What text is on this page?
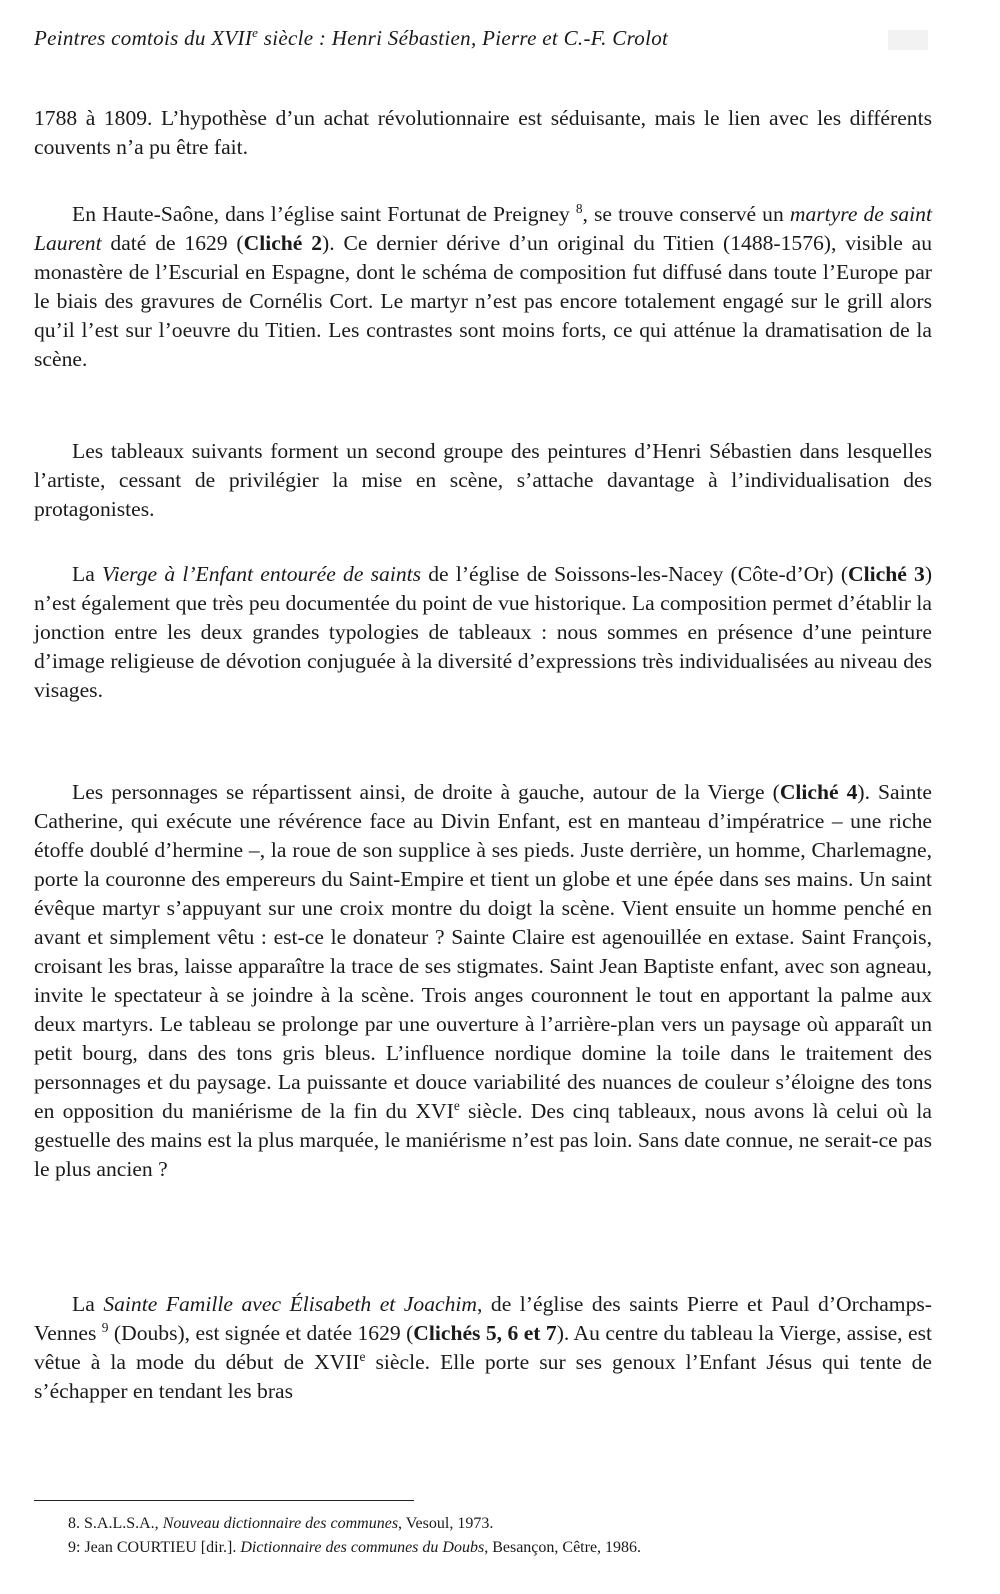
Peintres comtois du XVIIe siècle : Henri Sébastien, Pierre et C.-F. Crolot

1788 à 1809. L’hypothèse d’un achat révolutionnaire est séduisante, mais le lien avec les différents couvents n’a pu être fait.

En Haute-Saône, dans l’église saint Fortunat de Preigney $^8$, se trouve conservé un martyre de saint Laurent daté de 1629 (Cliché 2). Ce dernier dérive d’un original du Titien (1488-1576), visible au monastère de l’Escurial en Espagne, dont le schéma de composition fut diffusé dans toute l’Europe par le biais des gravures de Cornélis Cort. Le martyr n’est pas encore totalement engagé sur le grill alors qu’il l’est sur l’oeuvre du Titien. Les contrastes sont moins forts, ce qui atténue la dramatisation de la scène.

Les tableaux suivants forment un second groupe des peintures d’Henri Sébastien dans lesquelles l’artiste, cessant de privilégier la mise en scène, s’attache davantage à l’individualisation des protagonistes.

La Vierge à l’Enfant entourée de saints de l’église de Soissons-les-Nacey (Côte-d’Or) (Cliché 3) n’est également que très peu documentée du point de vue historique. La composition permet d’établir la jonction entre les deux grandes typologies de tableaux : nous sommes en présence d’une peinture d’image religieuse de dévotion conjuguée à la diversité d’expressions très individualisées au niveau des visages.

Les personnages se répartissent ainsi, de droite à gauche, autour de la Vierge (Cliché 4). Sainte Catherine, qui exécute une révérence face au Divin Enfant, est en manteau d’impératrice – une riche étoffe doublé d’hermine –, la roue de son supplice à ses pieds. Juste derrière, un homme, Charlemagne, porte la couronne des empereurs du Saint-Empire et tient un globe et une épée dans ses mains. Un saint évêque martyr s’appuyant sur une croix montre du doigt la scène. Vient ensuite un homme penché en avant et simplement vêtu : est-ce le donateur ? Sainte Claire est agenouillée en extase. Saint François, croisant les bras, laisse apparaître la trace de ses stigmates. Saint Jean Baptiste enfant, avec son agneau, invite le spectateur à se joindre à la scène. Trois anges couronnent le tout en apportant la palme aux deux martyrs. Le tableau se prolonge par une ouverture à l’arrière-plan vers un paysage où apparaît un petit bourg, dans des tons gris bleus. L’influence nordique domine la toile dans le traitement des personnages et du paysage. La puissante et douce variabilité des nuances de couleur s’éloigne des tons en opposition du maniérisme de la fin du XVIe siècle. Des cinq tableaux, nous avons là celui où la gestuelle des mains est la plus marquée, le maniérisme n’est pas loin. Sans date connue, ne serait-ce pas le plus ancien ?

La Sainte Famille avec Élisabeth et Joachim, de l’église des saints Pierre et Paul d’Orchamps-Vennes $^9$ (Doubs), est signée et datée 1629 (Clichés 5, 6 et 7). Au centre du tableau la Vierge, assise, est vêtue à la mode du début de XVIIe siècle. Elle porte sur ses genoux l’Enfant Jésus qui tente de s’échapper en tendant les bras

8. S.A.L.S.A., Nouveau dictionnaire des communes, Vesoul, 1973.
9: Jean COURTIEU [dir.]. Dictionnaire des communes du Doubs, Besançon, Cêtre, 1986.
